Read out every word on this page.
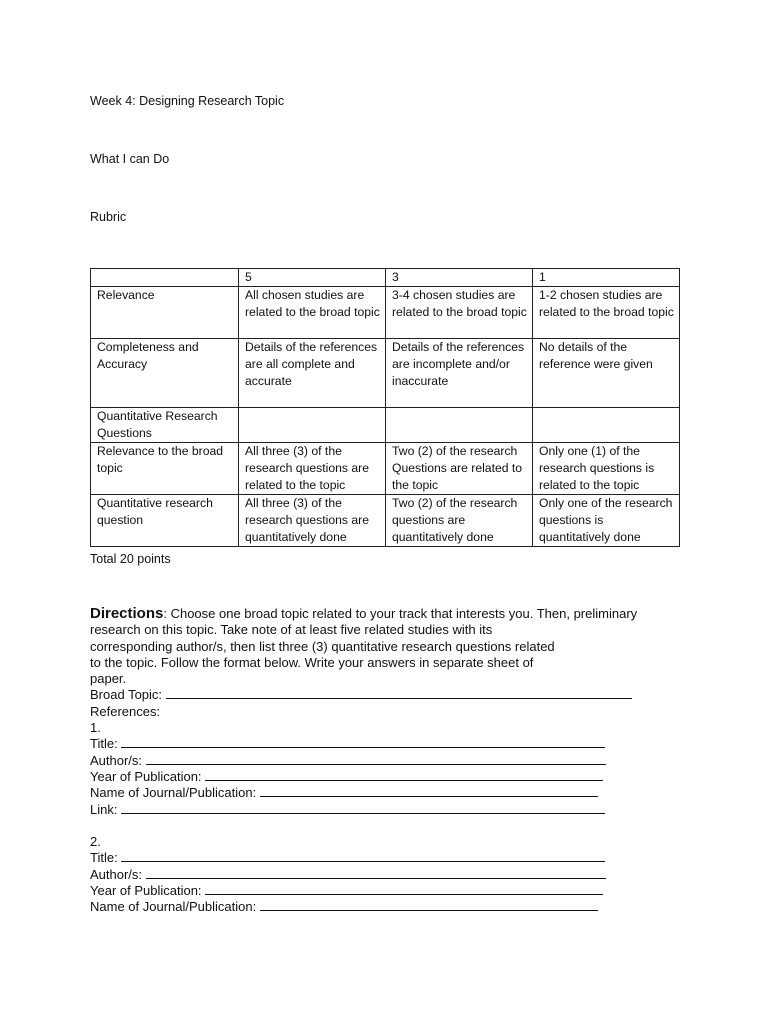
Week 4: Designing Research Topic
What I can Do
Rubric
	5	3	1
Relevance	All chosen studies are related to the broad topic	3-4 chosen studies are related to the broad topic	1-2 chosen studies are related to the broad topic
Completeness and Accuracy	Details of the references are all complete and accurate	Details of the references are incomplete and/or inaccurate	No details of the reference were given
Quantitative Research Questions			
Relevance to the broad topic	All three (3) of the research questions are related to the topic	Two (2) of the research Questions are related to the topic	Only one (1) of the research questions is related to the topic
Quantitative research question	All three (3) of the research questions are quantitatively done	Two (2) of the research questions are quantitatively done	Only one of the research questions is quantitatively done
Total 20 points
Directions: Choose one broad topic related to your track that interests you. Then, preliminary
research on this topic. Take note of at least five related studies with its
corresponding author/s, then list three (3) quantitative research questions related
to the topic. Follow the format below. Write your answers in separate sheet of
paper.
Broad Topic:
References:
1.
Title:
Author/s:
Year of Publication:
Name of Journal/Publication:
Link:
2.
Title:
Author/s:
Year of Publication:
Name of Journal/Publication:
